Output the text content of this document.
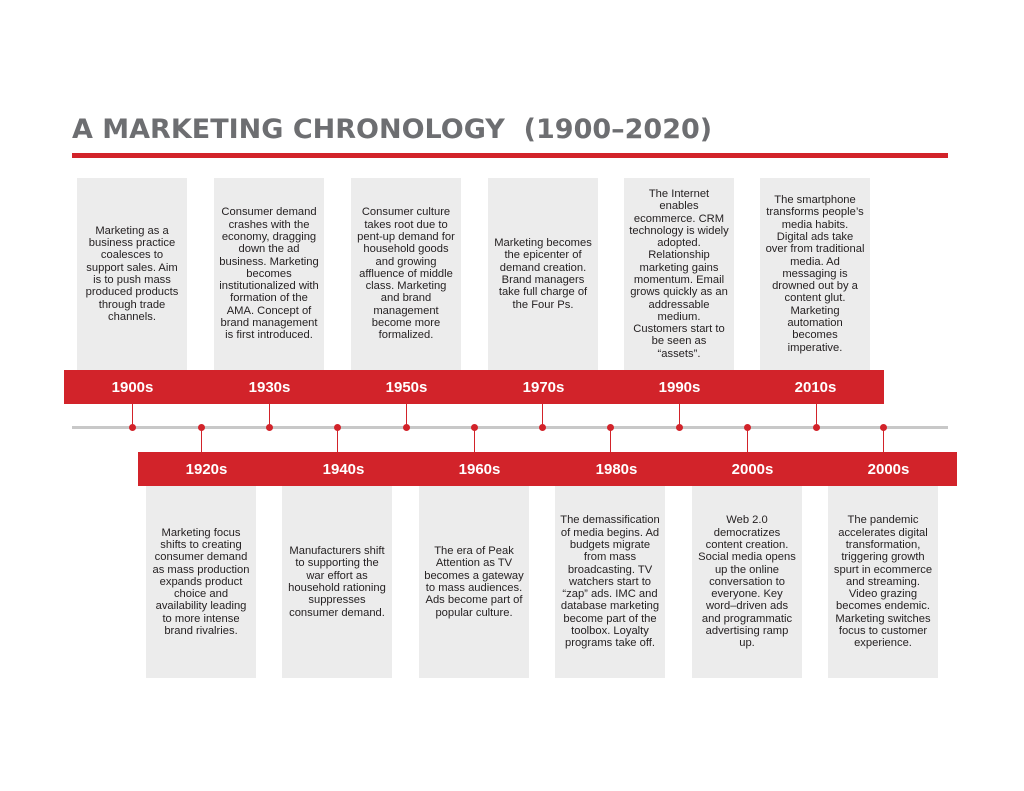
A MARKETING CHRONOLOGY  (1900–2020)

Marketing as a business practice coalesces to support sales. Aim is to push mass produced products through trade channels.

1900s

Consumer demand crashes with the economy, dragging down the ad business. Marketing becomes institutionalized with formation of the AMA. Concept of brand management is first introduced.

1930s

Consumer culture takes root due to pent-up demand for household goods and growing affluence of middle class. Marketing and brand management become more formalized.

1950s

Marketing becomes the epicenter of demand creation. Brand managers take full charge of the Four Ps.

1970s

The Internet enables ecommerce. CRM technology is widely adopted. Relationship marketing gains momentum. Email grows quickly as an addressable medium. Customers start to be seen as “assets”.

1990s

The smartphone transforms people’s media habits. Digital ads take over from traditional media. Ad messaging is drowned out by a content glut. Marketing automation becomes imperative.

2010s
1920s

Marketing focus shifts to creating consumer demand as mass production expands product choice and availability leading to more intense brand rivalries.

1940s

Manufacturers shift to supporting the war effort as household rationing suppresses consumer demand.

1960s

The era of Peak Attention as TV becomes a gateway to mass audiences. Ads become part of popular culture.

1980s

The demassification of media begins. Ad budgets migrate from mass broadcasting. TV watchers start to “zap” ads. IMC and database marketing become part of the toolbox. Loyalty programs take off.

2000s

Web 2.0 democratizes content creation. Social media opens up the online conversation to everyone. Key word–driven ads and programmatic advertising ramp up.

2000s

The pandemic accelerates digital transformation, triggering growth spurt in ecommerce and streaming. Video grazing becomes endemic. Marketing switches focus to customer experience.
